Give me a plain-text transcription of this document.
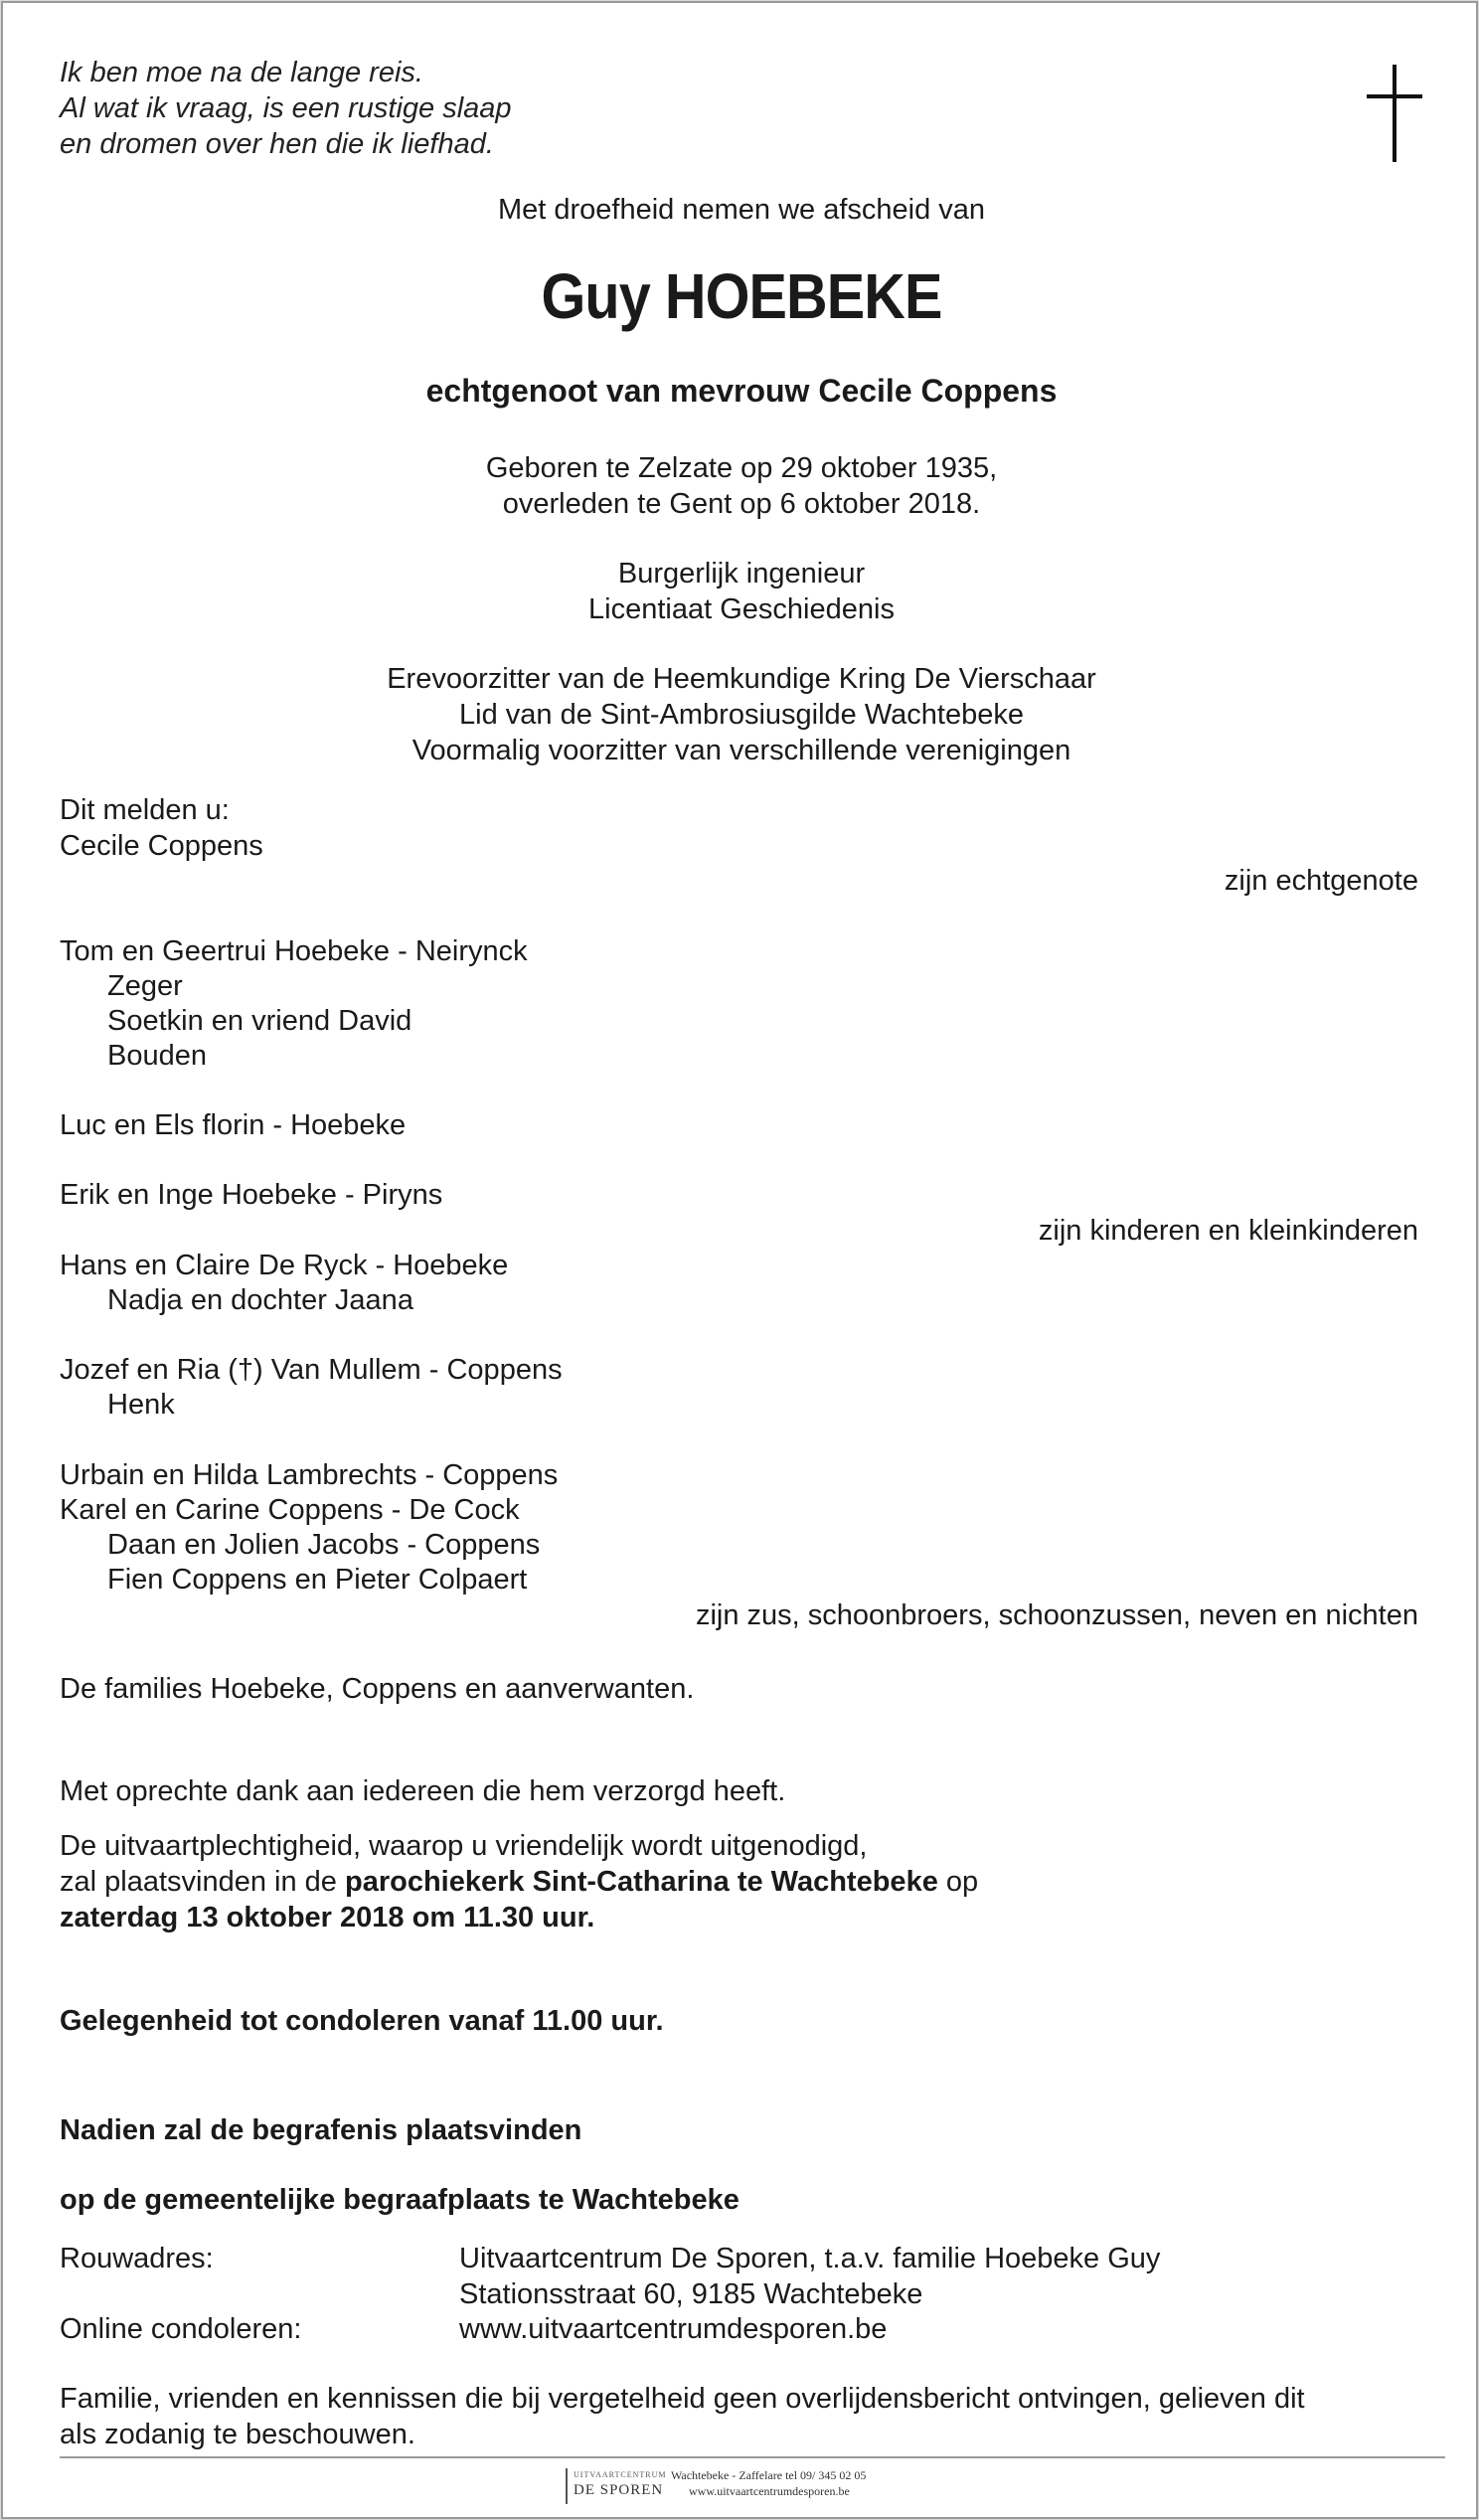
Ik ben moe na de lange reis.
Al wat ik vraag, is een rustige slaap
en dromen over hen die ik liefhad.
Met droefheid nemen we afscheid van
Guy HOEBEKE
echtgenoot van mevrouw Cecile Coppens
Geboren te Zelzate op 29 oktober 1935,
overleden te Gent op 6 oktober 2018.
Burgerlijk ingenieur
Licentiaat Geschiedenis
Erevoorzitter van de Heemkundige Kring De Vierschaar
Lid van de Sint-Ambrosiusgilde Wachtebeke
Voormalig voorzitter van verschillende verenigingen
Dit melden u:
Cecile Coppens
zijn echtgenote
Tom en Geertrui Hoebeke - Neirynck
Zeger
Soetkin en vriend David
Bouden
Luc en Els florin - Hoebeke
Erik en Inge Hoebeke - Piryns
zijn kinderen en kleinkinderen
Hans en Claire De Ryck - Hoebeke
Nadja en dochter Jaana
Jozef en Ria (†) Van Mullem - Coppens
Henk
Urbain en Hilda Lambrechts - Coppens
Karel en Carine Coppens - De Cock
Daan en Jolien Jacobs - Coppens
Fien Coppens en Pieter Colpaert
zijn zus, schoonbroers, schoonzussen, neven en nichten
De families Hoebeke, Coppens en aanverwanten.
Met oprechte dank aan iedereen die hem verzorgd heeft.
De uitvaartplechtigheid, waarop u vriendelijk wordt uitgenodigd,
zal plaatsvinden in de parochiekerk Sint-Catharina te Wachtebeke op
zaterdag 13 oktober 2018 om 11.30 uur.
Gelegenheid tot condoleren vanaf 11.00 uur.
Nadien zal de begrafenis plaatsvinden
op de gemeentelijke begraafplaats te Wachtebeke
Rouwadres:	Uitvaartcentrum De Sporen, t.a.v. familie Hoebeke Guy
Stationsstraat 60, 9185 Wachtebeke
Online condoleren:	www.uitvaartcentrumdesporen.be
Familie, vrienden en kennissen die bij vergetelheid geen overlijdensbericht ontvingen, gelieven dit
als zodanig te beschouwen.
UITVAARTCENTRUM
DE SPOREN
Wachtebeke - Zaffelare tel 09/ 345 02 05
www.uitvaartcentrumdesporen.be
